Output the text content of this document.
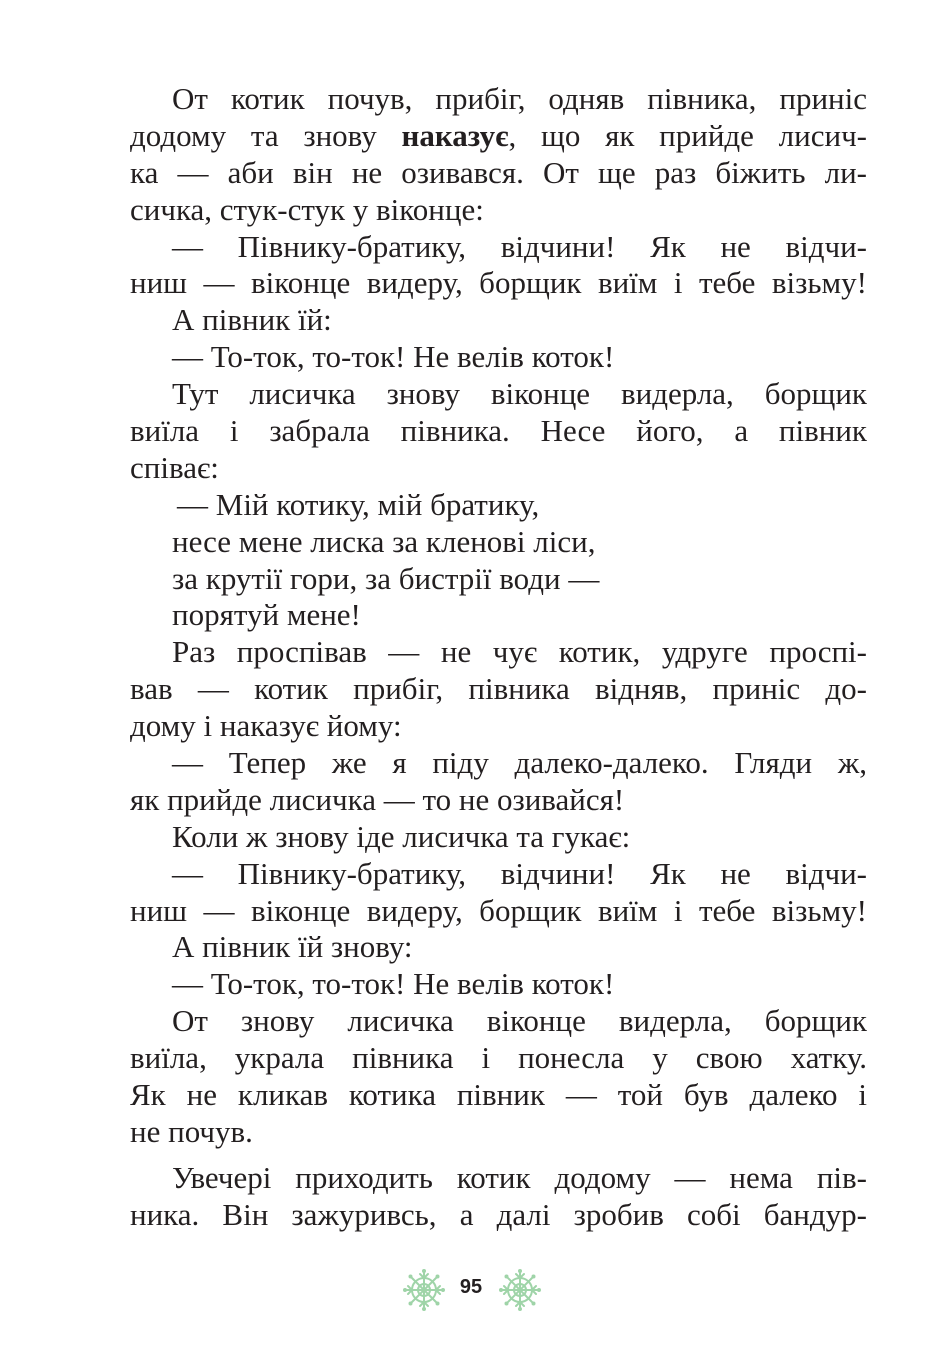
От котик почув, прибіг, одняв півника, приніс
додому та знову наказує, що як прийде лисич-
ка — аби він не озивався. От ще раз біжить ли-
сичка, стук-стук у віконце:
— Півнику-братику, відчини! Як не відчи-
ниш — віконце видеру, борщик виїм і тебе візьму!
А півник їй:
— То-ток, то-ток! Не велів коток!
Тут лисичка знову віконце видерла, борщик
виїла і забрала півника. Несе його, а півник
співає:
— Мій котику, мій братику,
несе мене лиска за кленові ліси,
за крутії гори, за бистрії води —
порятуй мене!
Раз проспівав — не чує котик, удруге проспі-
вав — котик прибіг, півника відняв, приніс до-
дому і наказує йому:
— Тепер же я піду далеко-далеко. Гляди ж,
як прийде лисичка — то не озивайся!
Коли ж знову іде лисичка та гукає:
— Півнику-братику, відчини! Як не відчи-
ниш — віконце видеру, борщик виїм і тебе візьму!
А півник їй знову:
— То-ток, то-ток! Не велів коток!
От знову лисичка віконце видерла, борщик
виїла, украла півника і понесла у свою хатку.
Як не кликав котика півник — той був далеко і
не почув.
Увечері приходить котик додому — нема пів-
ника. Він зажуривсь, а далі зробив собі бандур-
95
